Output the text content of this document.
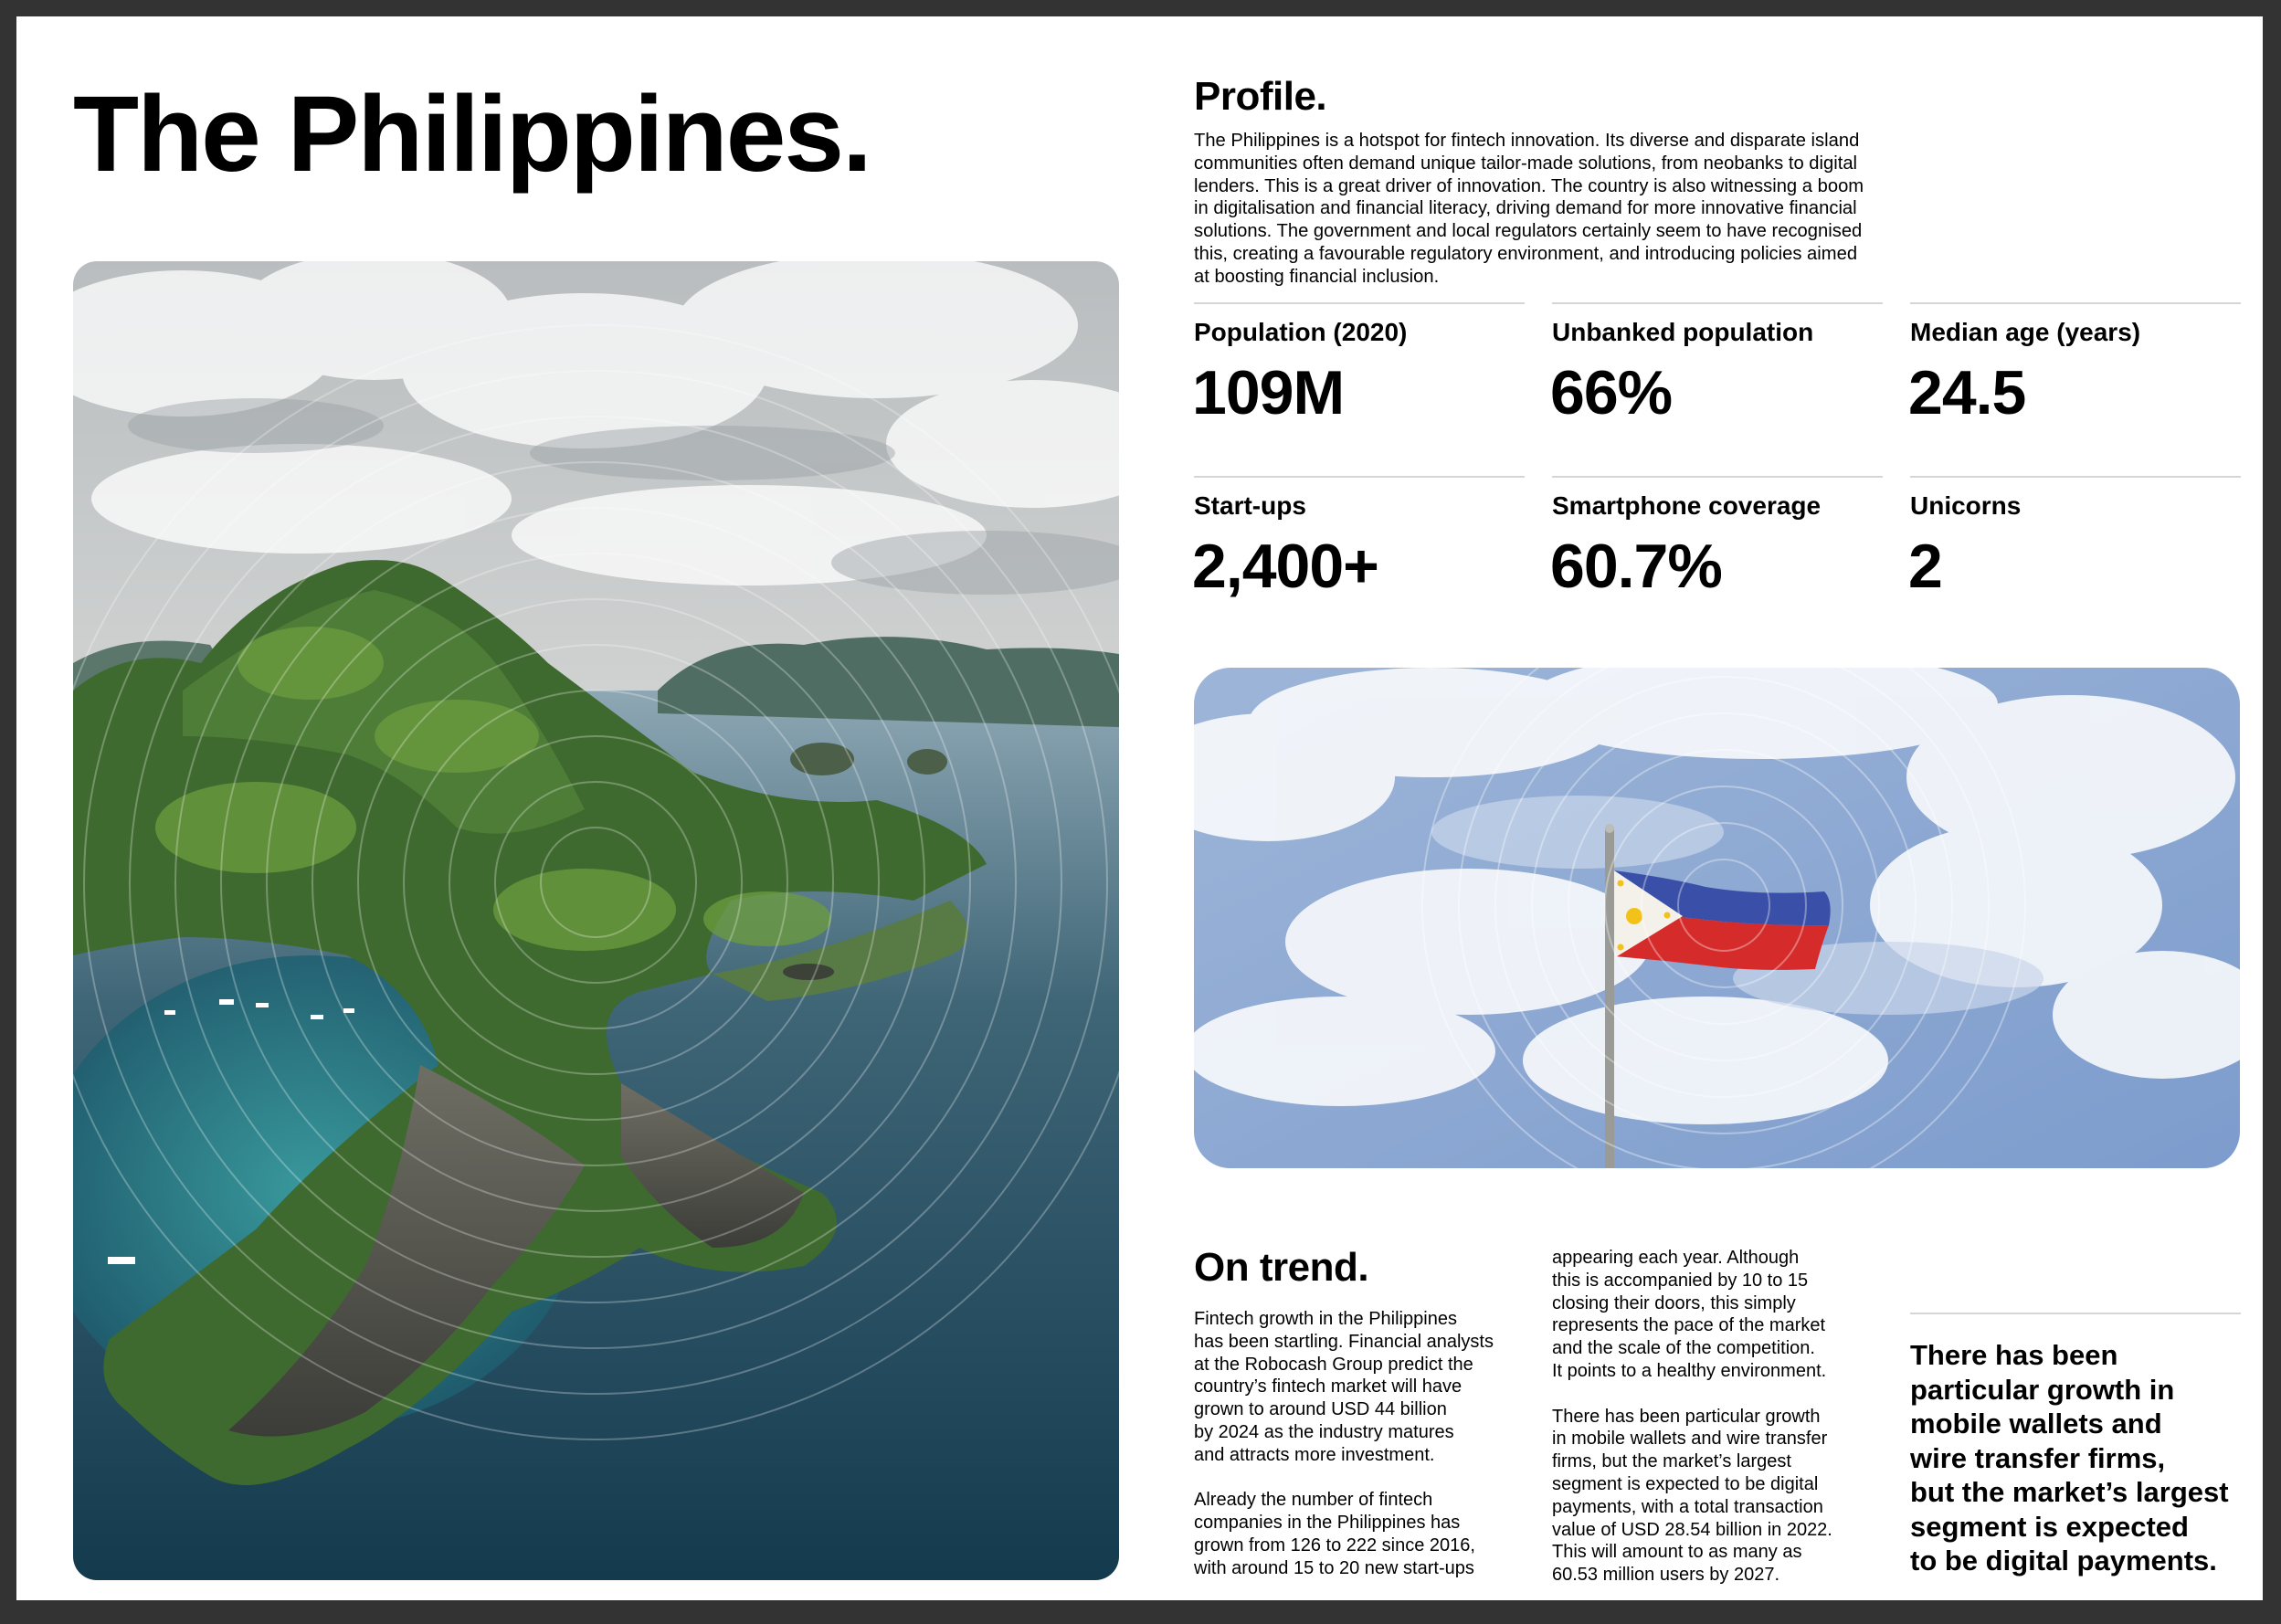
The Philippines.	Profile.

The Philippines is a hotspot for fintech innovation. Its diverse and disparate island communities often demand unique tailor-made solutions, from neobanks to digital lenders. This is a great driver of innovation. The country is also witnessing a boom in digitalisation and financial literacy, driving demand for more innovative financial solutions. The government and local regulators certainly seem to have recognised this, creating a favourable regulatory environment, and introducing policies aimed at boosting financial inclusion.

Population (2020)
109M
Unbanked population
66%
Median age (years)
24.5
Start-ups
2,400+
Smartphone coverage
60.7%
Unicorns
2
On trend.

Fintech growth in the Philippines
has been startling. Financial analysts
at the Robocash Group predict the
country’s fintech market will have
grown to around USD 44 billion
by 2024 as the industry matures
and attracts more investment.

Already the number of fintech
companies in the Philippines has
grown from 126 to 222 since 2016,
with around 15 to 20 new start-ups

appearing each year. Although
this is accompanied by 10 to 15
closing their doors, this simply
represents the pace of the market
and the scale of the competition.
It points to a healthy environment.

There has been particular growth
in mobile wallets and wire transfer
firms, but the market’s largest
segment is expected to be digital
payments, with a total transaction
value of USD 28.54 billion in 2022.
This will amount to as many as
60.53 million users by 2027.

There has been
particular growth in
mobile wallets and
wire transfer firms,
but the market’s largest
segment is expected
to be digital payments.
